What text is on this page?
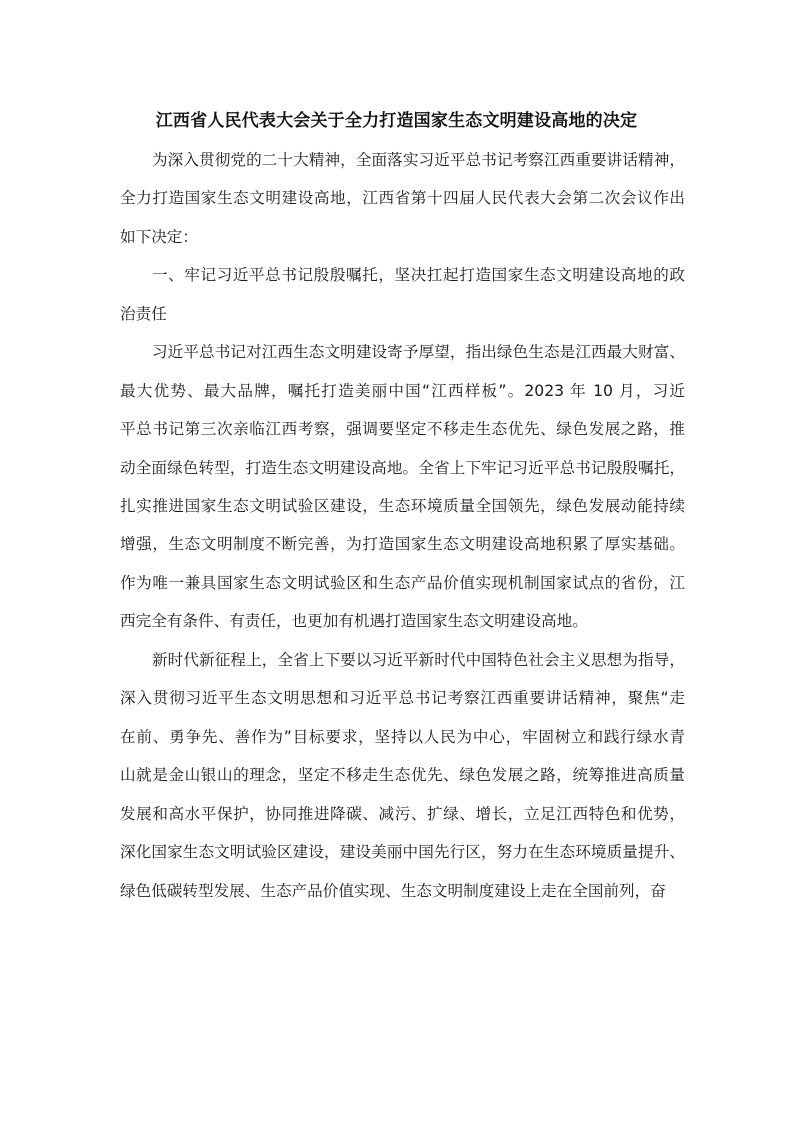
江西省人民代表大会关于全力打造国家生态文明建设高地的决定
为深入贯彻党的二十大精神，全面落实习近平总书记考察江西重要讲话精神，
全力打造国家生态文明建设高地，江西省第十四届人民代表大会第二次会议作出
如下决定：
一、牢记习近平总书记殷殷嘱托，坚决扛起打造国家生态文明建设高地的政
治责任
习近平总书记对江西生态文明建设寄予厚望，指出绿色生态是江西最大财富、
最大优势、最大品牌，嘱托打造美丽中国“江西样板”。2023 年 10 月，习近
平总书记第三次亲临江西考察，强调要坚定不移走生态优先、绿色发展之路，推
动全面绿色转型，打造生态文明建设高地。全省上下牢记习近平总书记殷殷嘱托，
扎实推进国家生态文明试验区建设，生态环境质量全国领先，绿色发展动能持续
增强，生态文明制度不断完善，为打造国家生态文明建设高地积累了厚实基础。
作为唯一兼具国家生态文明试验区和生态产品价值实现机制国家试点的省份，江
西完全有条件、有责任，也更加有机遇打造国家生态文明建设高地。
新时代新征程上，全省上下要以习近平新时代中国特色社会主义思想为指导，
深入贯彻习近平生态文明思想和习近平总书记考察江西重要讲话精神，聚焦“走
在前、勇争先、善作为”目标要求，坚持以人民为中心，牢固树立和践行绿水青
山就是金山银山的理念，坚定不移走生态优先、绿色发展之路，统筹推进高质量
发展和高水平保护，协同推进降碳、减污、扩绿、增长，立足江西特色和优势，
深化国家生态文明试验区建设，建设美丽中国先行区，努力在生态环境质量提升、
绿色低碳转型发展、生态产品价值实现、生态文明制度建设上走在全国前列，奋
